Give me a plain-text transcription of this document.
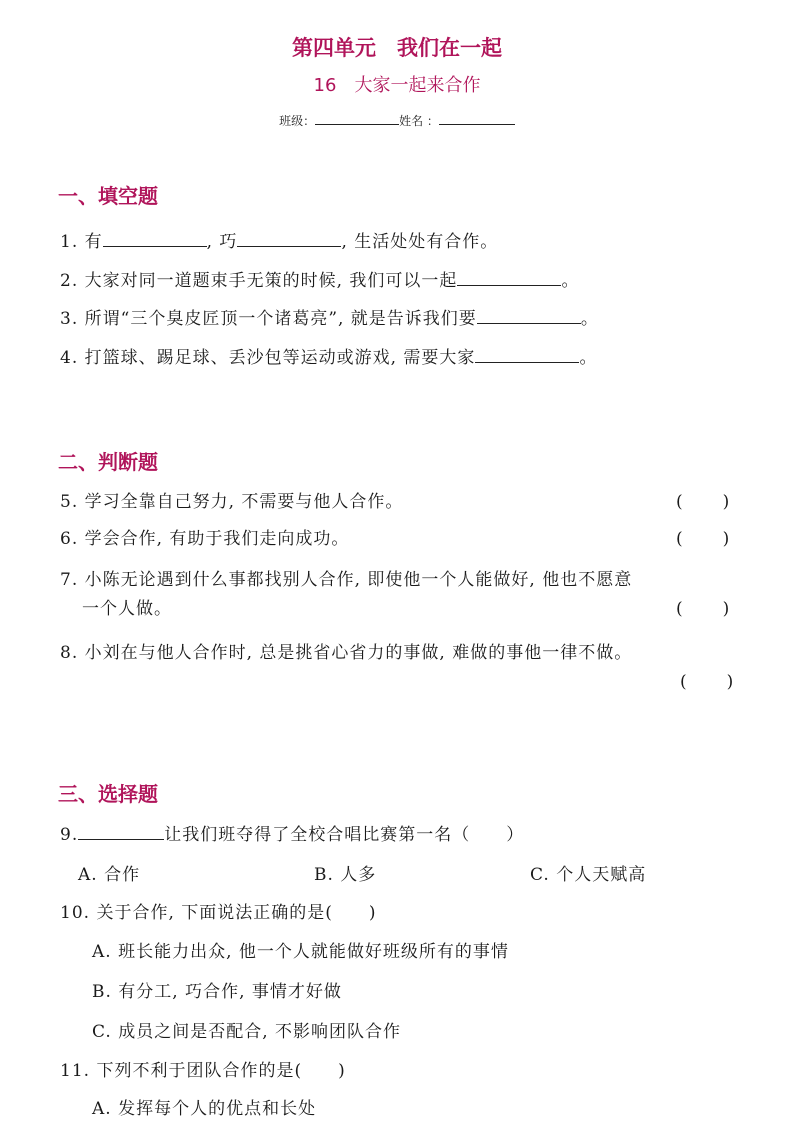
第四单元　我们在一起
16　大家一起来合作
班级：	姓名 ：
一、填空题
1. 有	, 巧	, 生活处处有合作。
2. 大家对同一道题束手无策的时候, 我们可以一起	。
3. 所谓“三个臭皮匠顶一个诸葛亮”, 就是告诉我们要	。
4. 打篮球、踢足球、丢沙包等运动或游戏, 需要大家	。
二、判断题
5. 学习全靠自己努力, 不需要与他人合作。	(　　)
6. 学会合作, 有助于我们走向成功。	(　　)
7. 小陈无论遇到什么事都找别人合作, 即使他一个人能做好, 他也不愿意
一个人做。	(　　)
8. 小刘在与他人合作时, 总是挑省心省力的事做, 难做的事他一律不做。
(　　)
三、选择题
9.	让我们班夺得了全校合唱比赛第一名（　　）
A. 合作	B. 人多	C. 个人天赋高
10. 关于合作, 下面说法正确的是(　　)
A. 班长能力出众, 他一个人就能做好班级所有的事情
B. 有分工, 巧合作, 事情才好做
C. 成员之间是否配合, 不影响团队合作
11. 下列不利于团队合作的是(　　)
A. 发挥每个人的优点和长处
